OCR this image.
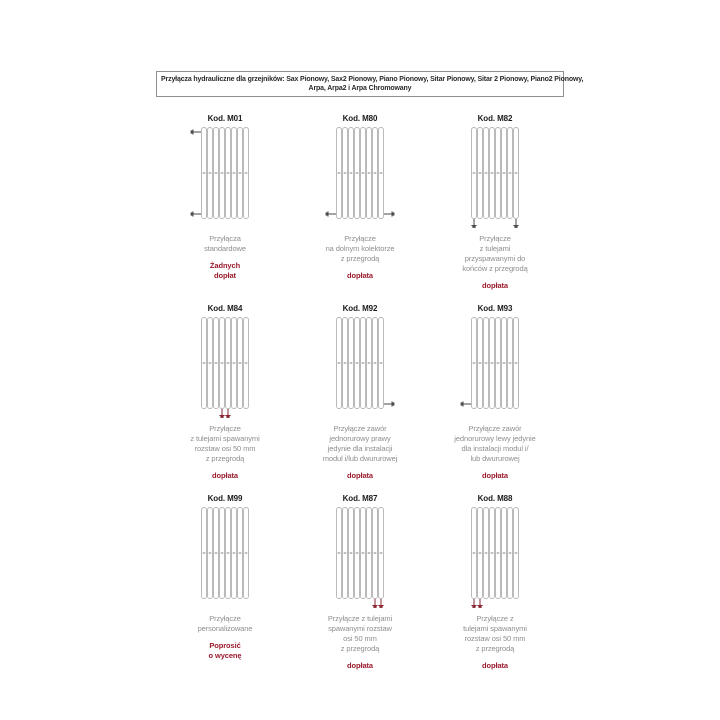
Przyłącza hydrauliczne dla grzejników: Sax Pionowy, Sax2 Pionowy, Piano Pionowy, Sitar Pionowy, Sitar 2 Pionowy, Piano2 Pionowy,
Arpa, Arpa2 i Arpa Chromowany
Kod. M01
Przyłącza
standardowe
Żadnych
dopłat
Kod. M80
Przyłącze
na dolnym kolektorze
z przegrodą
dopłata
Kod. M82
Przyłącze
z tulejami
przyspawanymi do
końców z przegrodą
dopłata
Kod. M84
Przyłącze
z tulejami spawanymi
rozstaw osi 50 mm
z przegrodą
dopłata
Kod. M92
Przyłącze zawór
jednorurowy prawy
jedynie dla instalacji
modul i/lub dwururowej
dopłata
Kod. M93
Przyłącze zawór
jednorurowy lewy jedynie
dla instalacji modul i/
lub dwururowej
dopłata
Kod. M99
Przyłącze
personalizowane
Poprosić
o wycenę
Kod. M87
Przyłącze z tulejami
spawanymi rozstaw
osi 50 mm
z przegrodą
dopłata
Kod. M88
Przyłącze z
tulejami spawanymi
rozstaw osi 50 mm
z przegrodą
dopłata
